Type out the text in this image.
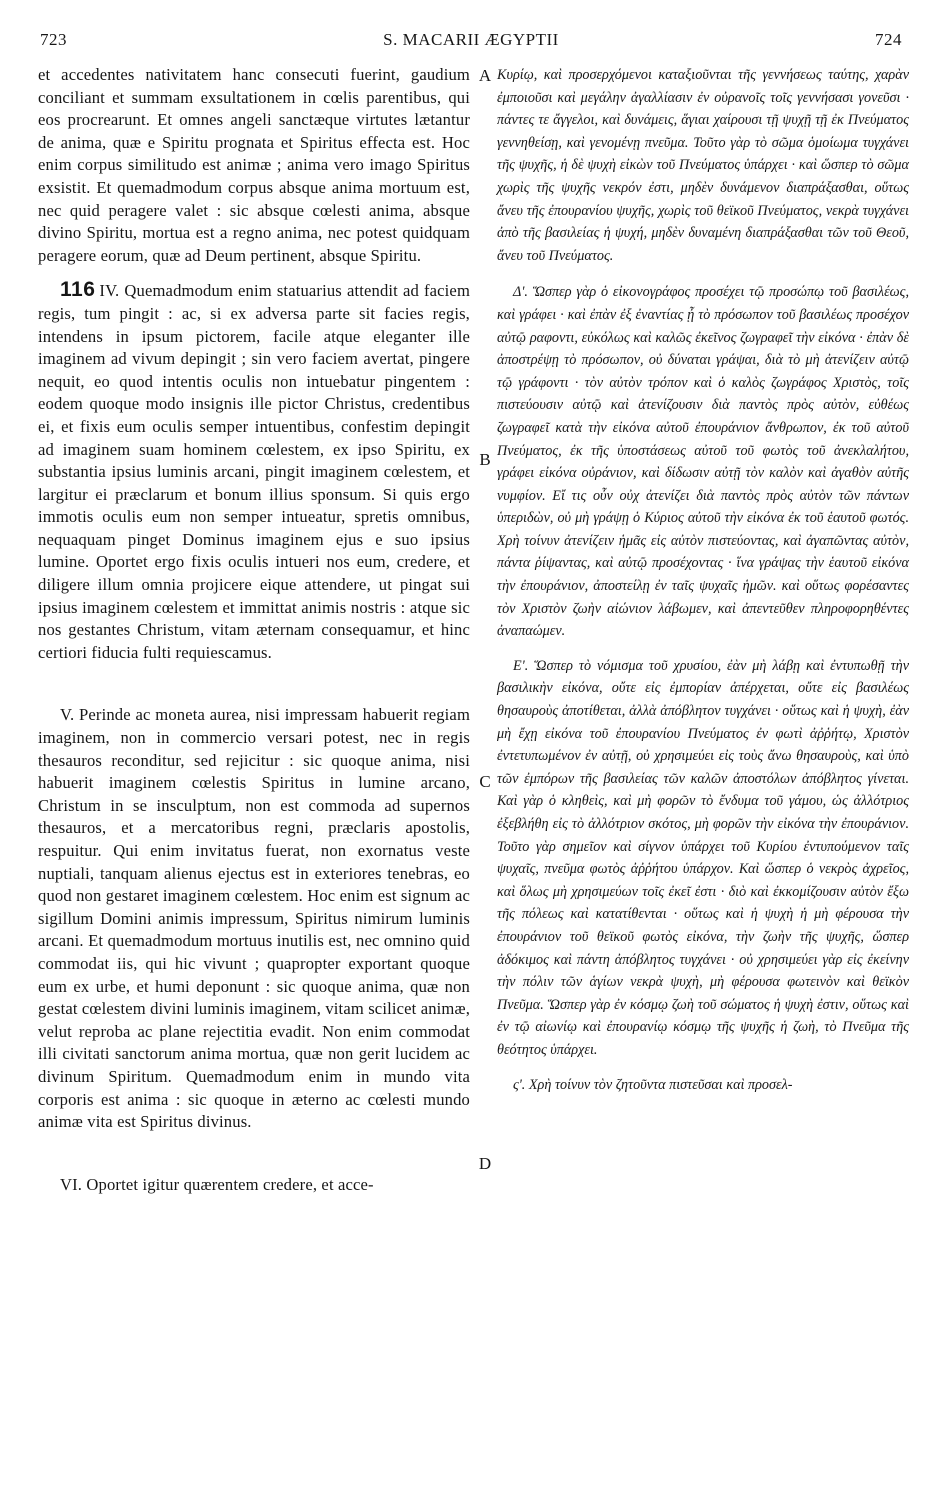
723	S. MACARII ÆGYPTII	724

et accedentes nativitatem hanc consecuti fuerint, gaudium conciliant et summam exsultationem in cœlis parentibus, qui eos procrearunt. Et omnes angeli sanctæque virtutes lætantur de anima, quæ e Spiritu prognata et Spiritus effecta est. Hoc enim corpus similitudo est animæ ; anima vero imago Spiritus exsistit. Et quemadmodum corpus absque anima mortuum est, nec quid peragere valet : sic absque cœlesti anima, absque divino Spiritu, mortua est a regno anima, nec potest quidquam peragere eorum, quæ ad Deum pertinent, absque Spiritu.

116 IV. Quemadmodum enim statuarius attendit ad faciem regis, tum pingit : ac, si ex adversa parte sit facies regis, intendens in ipsum pictorem, facile atque eleganter ille imaginem ad vivum depingit ; sin vero faciem avertat, pingere nequit, eo quod intentis oculis non intuebatur pingentem : eodem quoque modo insignis ille pictor Christus, credentibus ei, et fixis eum oculis semper intuentibus, confestim depingit ad imaginem suam hominem cœlestem, ex ipso Spiritu, ex substantia ipsius luminis arcani, pingit imaginem cœlestem, et largitur ei præclarum et bonum illius sponsum. Si quis ergo immotis oculis eum non semper intueatur, spretis omnibus, nequaquam pinget Dominus imaginem ejus e suo ipsius lumine. Oportet ergo fixis oculis intueri nos eum, credere, et diligere illum omnia projicere eique attendere, ut pingat sui ipsius imaginem cœlestem et immittat animis nostris : atque sic nos gestantes Christum, vitam æternam consequamur, et hinc certiori fiducia fulti requiescamus.

V. Perinde ac moneta aurea, nisi impressam habuerit regiam imaginem, non in commercio versari potest, nec in regis thesauros reconditur, sed rejicitur : sic quoque anima, nisi habuerit imaginem cœlestis Spiritus in lumine arcano, Christum in se insculptum, non est commoda ad supernos thesauros, et a mercatoribus regni, præclaris apostolis, respuitur. Qui enim invitatus fuerat, non exornatus veste nuptiali, tanquam alienus ejectus est in exteriores tenebras, eo quod non gestaret imaginem cœlestem. Hoc enim est signum ac sigillum Domini animis impressum, Spiritus nimirum luminis arcani. Et quemadmodum mortuus inutilis est, nec omnino quid commodat iis, qui hic vivunt ; quapropter exportant quoque eum ex urbe, et humi deponunt : sic quoque anima, quæ non gestat cœlestem divini luminis imaginem, vitam scilicet animæ, velut reproba ac plane rejectitia evadit. Non enim commodat illi civitati sanctorum anima mortua, quæ non gerit lucidem ac divinum Spiritum. Quemadmodum enim in mundo vita corporis est anima : sic quoque in æterno ac cœlesti mundo animæ vita est Spiritus divinus.

VI. Oportet igitur quærentem credere, et acce-

A
B
C
D

Κυρίῳ, καὶ προσερχόμενοι καταξιοῦνται τῆς γεννήσεως ταύτης, χαρὰν ἐμποιοῦσι καὶ μεγάλην ἀγαλλίασιν ἐν οὐρανοῖς τοῖς γεννήσασι γονεῦσι · πάντες τε ἄγγελοι, καὶ δυνάμεις, ἅγιαι χαίρουσι τῇ ψυχῇ τῇ ἐκ Πνεύματος γεννηθείσῃ, καὶ γενομένῃ πνεῦμα. Τοῦτο γὰρ τὸ σῶμα ὁμοίωμα τυγχάνει τῆς ψυχῆς, ἡ δὲ ψυχὴ εἰκὼν τοῦ Πνεύματος ὑπάρχει · καὶ ὥσπερ τὸ σῶμα χωρὶς τῆς ψυχῆς νεκρόν ἐστι, μηδὲν δυνάμενον διαπράξασθαι, οὕτως ἄνευ τῆς ἐπουρανίου ψυχῆς, χωρὶς τοῦ θεϊκοῦ Πνεύματος, νεκρὰ τυγχάνει ἀπὸ τῆς βασιλείας ἡ ψυχή, μηδὲν δυναμένη διαπράξασθαι τῶν τοῦ Θεοῦ, ἄνευ τοῦ Πνεύματος.

Δ'. Ὥσπερ γὰρ ὁ εἰκονογράφος προσέχει τῷ προσώπῳ τοῦ βασιλέως, καὶ γράφει · καὶ ἐπὰν ἐξ ἐναντίας ᾖ τὸ πρόσωπον τοῦ βασιλέως προσέχον αὐτῷ ραφοντι, εὐκόλως καὶ καλῶς ἐκεῖνος ζωγραφεῖ τὴν εἰκόνα · ἐπὰν δὲ ἀποστρέψῃ τὸ πρόσωπον, οὐ δύναται γράψαι, διὰ τὸ μὴ ἀτενίζειν αὐτῷ τῷ γράφοντι · τὸν αὐτὸν τρόπον καὶ ὁ καλὸς ζωγράφος Χριστὸς, τοῖς πιστεύουσιν αὐτῷ καὶ ἀτενίζουσιν διὰ παντὸς πρὸς αὐτὸν, εὐθέως ζωγραφεῖ κατὰ τὴν εἰκόνα αὐτοῦ ἐπουράνιον ἄνθρωπον, ἐκ τοῦ αὐτοῦ Πνεύματος, ἐκ τῆς ὑποστάσεως αὐτοῦ τοῦ φωτὸς τοῦ ἀνεκλαλήτου, γράφει εἰκόνα οὐράνιον, καὶ δίδωσιν αὐτῇ τὸν καλὸν καὶ ἀγαθὸν αὐτῆς νυμφίον. Εἴ τις οὖν οὐχ ἀτενίζει διὰ παντὸς πρὸς αὐτὸν τῶν πάντων ὑπεριδὼν, οὐ μὴ γράψῃ ὁ Κύριος αὐτοῦ τὴν εἰκόνα ἐκ τοῦ ἑαυτοῦ φωτός. Χρὴ τοίνυν ἀτενίζειν ἡμᾶς εἰς αὐτὸν πιστεύοντας, καὶ ἀγαπῶντας αὐτὸν, πάντα ῥίψαντας, καὶ αὐτῷ προσέχοντας · ἵνα γράψας τὴν ἑαυτοῦ εἰκόνα τὴν ἐπουράνιον, ἀποστείλῃ ἐν ταῖς ψυχαῖς ἡμῶν. καὶ οὕτως φορέσαντες τὸν Χριστὸν ζωὴν αἰώνιον λάβωμεν, καὶ ἀπεντεῦθεν πληροφορηθέντες ἀναπαώμεν.

Ε'. Ὥσπερ τὸ νόμισμα τοῦ χρυσίου, ἐὰν μὴ λάβῃ καὶ ἐντυπωθῇ τὴν βασιλικὴν εἰκόνα, οὔτε εἰς ἐμπορίαν ἀπέρχεται, οὔτε εἰς βασιλέως θησαυροὺς ἀποτίθεται, ἀλλὰ ἀπόβλητον τυγχάνει · οὕτως καὶ ἡ ψυχὴ, ἐὰν μὴ ἔχῃ εἰκόνα τοῦ ἐπουρανίου Πνεύματος ἐν φωτὶ ἀῤῥήτῳ, Χριστὸν ἐντετυπωμένον ἐν αὐτῇ, οὐ χρησιμεύει εἰς τοὺς ἄνω θησαυροὺς, καὶ ὑπὸ τῶν ἐμπόρων τῆς βασιλείας τῶν καλῶν ἀποστόλων ἀπόβλητος γίνεται. Καὶ γὰρ ὁ κληθεὶς, καὶ μὴ φορῶν τὸ ἔνδυμα τοῦ γάμου, ὡς ἀλλότριος ἐξεβλήθη εἰς τὸ ἀλλότριον σκότος, μὴ φορῶν τὴν εἰκόνα τὴν ἐπουράνιον. Τοῦτο γὰρ σημεῖον καὶ σίγνον ὑπάρχει τοῦ Κυρίου ἐντυπούμενον ταῖς ψυχαῖς, πνεῦμα φωτὸς ἀῤῥήτου ὑπάρχον. Καὶ ὥσπερ ὁ νεκρὸς ἀχρεῖος, καὶ ὅλως μὴ χρησιμεύων τοῖς ἐκεῖ ἐστι · διὸ καὶ ἐκκομίζουσιν αὐτὸν ἔξω τῆς πόλεως καὶ κατατίθενται · οὕτως καὶ ἡ ψυχὴ ἡ μὴ φέρουσα τὴν ἐπουράνιον τοῦ θεϊκοῦ φωτὸς εἰκόνα, τὴν ζωὴν τῆς ψυχῆς, ὥσπερ ἀδόκιμος καὶ πάντη ἀπόβλητος τυγχάνει · οὐ χρησιμεύει γὰρ εἰς ἐκείνην τὴν πόλιν τῶν ἁγίων νεκρὰ ψυχὴ, μὴ φέρουσα φωτεινὸν καὶ θεϊκὸν Πνεῦμα. Ὥσπερ γὰρ ἐν κόσμῳ ζωὴ τοῦ σώματος ἡ ψυχὴ ἐστιν, οὕτως καὶ ἐν τῷ αἰωνίῳ καὶ ἐπουρανίῳ κόσμῳ τῆς ψυχῆς ἡ ζωὴ, τὸ Πνεῦμα τῆς θεότητος ὑπάρχει.

ς'. Χρὴ τοίνυν τὸν ζητοῦντα πιστεῦσαι καὶ προσελ-
